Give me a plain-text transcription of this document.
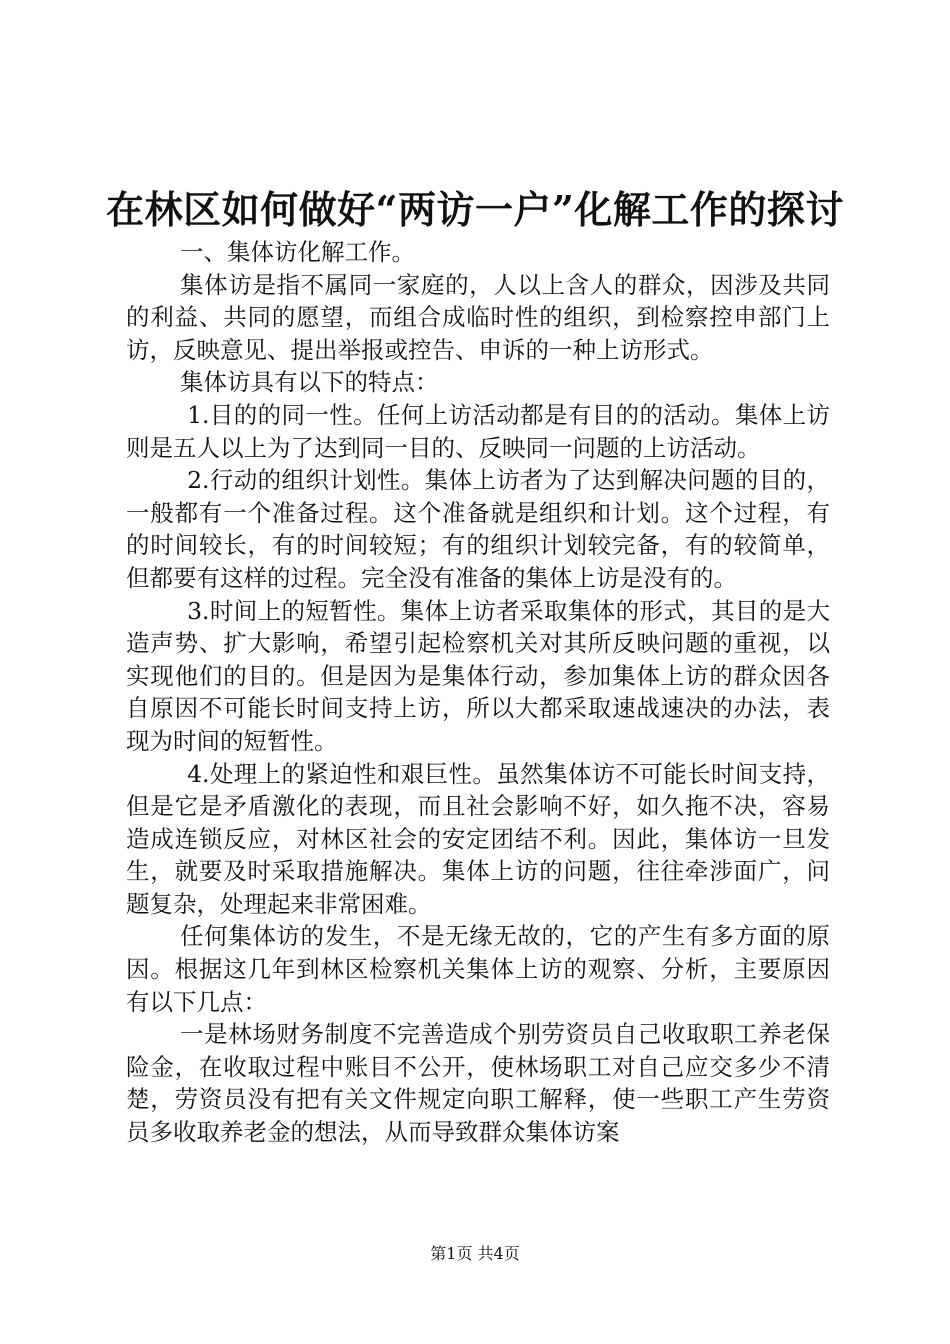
在林区如何做好“两访一户”化解工作的探讨

一、集体访化解工作。

集体访是指不属同一家庭的，人以上含人的群众，因涉及共同的利益、共同的愿望，而组合成临时性的组织，到检察控申部门上访，反映意见、提出举报或控告、申诉的一种上访形式。

集体访具有以下的特点：

1.目的的同一性。任何上访活动都是有目的的活动。集体上访则是五人以上为了达到同一目的、反映同一问题的上访活动。

2.行动的组织计划性。集体上访者为了达到解决问题的目的，一般都有一个准备过程。这个准备就是组织和计划。这个过程，有的时间较长，有的时间较短；有的组织计划较完备，有的较简单，但都要有这样的过程。完全没有准备的集体上访是没有的。

3.时间上的短暂性。集体上访者采取集体的形式，其目的是大造声势、扩大影响，希望引起检察机关对其所反映问题的重视，以实现他们的目的。但是因为是集体行动，参加集体上访的群众因各自原因不可能长时间支持上访，所以大都采取速战速决的办法，表现为时间的短暂性。

4.处理上的紧迫性和艰巨性。虽然集体访不可能长时间支持，但是它是矛盾激化的表现，而且社会影响不好，如久拖不决，容易造成连锁反应，对林区社会的安定团结不利。因此，集体访一旦发生，就要及时采取措施解决。集体上访的问题，往往牵涉面广，问题复杂，处理起来非常困难。

任何集体访的发生，不是无缘无故的，它的产生有多方面的原因。根据这几年到林区检察机关集体上访的观察、分析，主要原因有以下几点：

一是林场财务制度不完善造成个别劳资员自己收取职工养老保险金，在收取过程中账目不公开，使林场职工对自己应交多少不清楚，劳资员没有把有关文件规定向职工解释，使一些职工产生劳资员多收取养老金的想法，从而导致群众集体访案

第1页 共4页
